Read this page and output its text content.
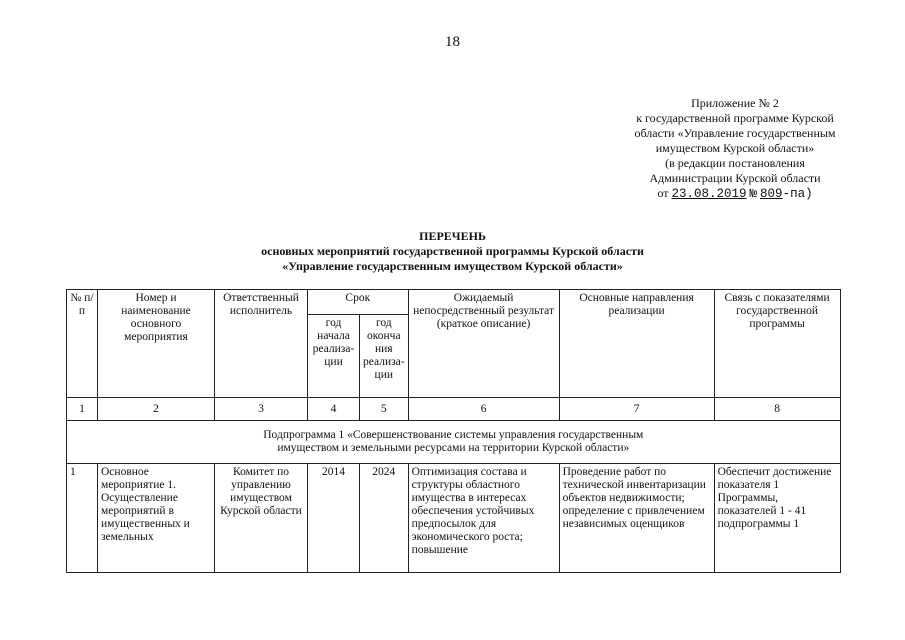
18
Приложение № 2
к государственной программе Курской
области «Управление государственным
имуществом Курской области»
(в редакции постановления
Администрации Курской области
от 23.08.2019 № 809-па)
ПЕРЕЧЕНЬ
основных мероприятий государственной программы Курской области
«Управление государственным имуществом Курской области»
№ п/п	Номер и наименование основного мероприятия	Ответственный исполнитель	Срок		Ожидаемый непосредственный результат (краткое описание)	Основные направления реализации	Связь с показателями государственной программы
			год начала реализа-ции	год оконча ния реализа-ции			
1	2	3	4	5	6	7	8

Подпрограмма 1 «Совершенствование системы управления государственным
имуществом и земельными ресурсами на территории Курской области»							

1	Основное мероприятие 1. Осуществление мероприятий в имущественных и земельных	Комитет по управлению имуществом Курской области	2014	2024	Оптимизация состава и структуры областного имущества в интересах обеспечения устойчивых предпосылок для экономического роста; повышение	Проведение работ по технической инвентаризации объектов недвижимости; определение с привлечением независимых оценщиков	Обеспечит достижение показателя 1 Программы, показателей 1 - 41 подпрограммы 1
